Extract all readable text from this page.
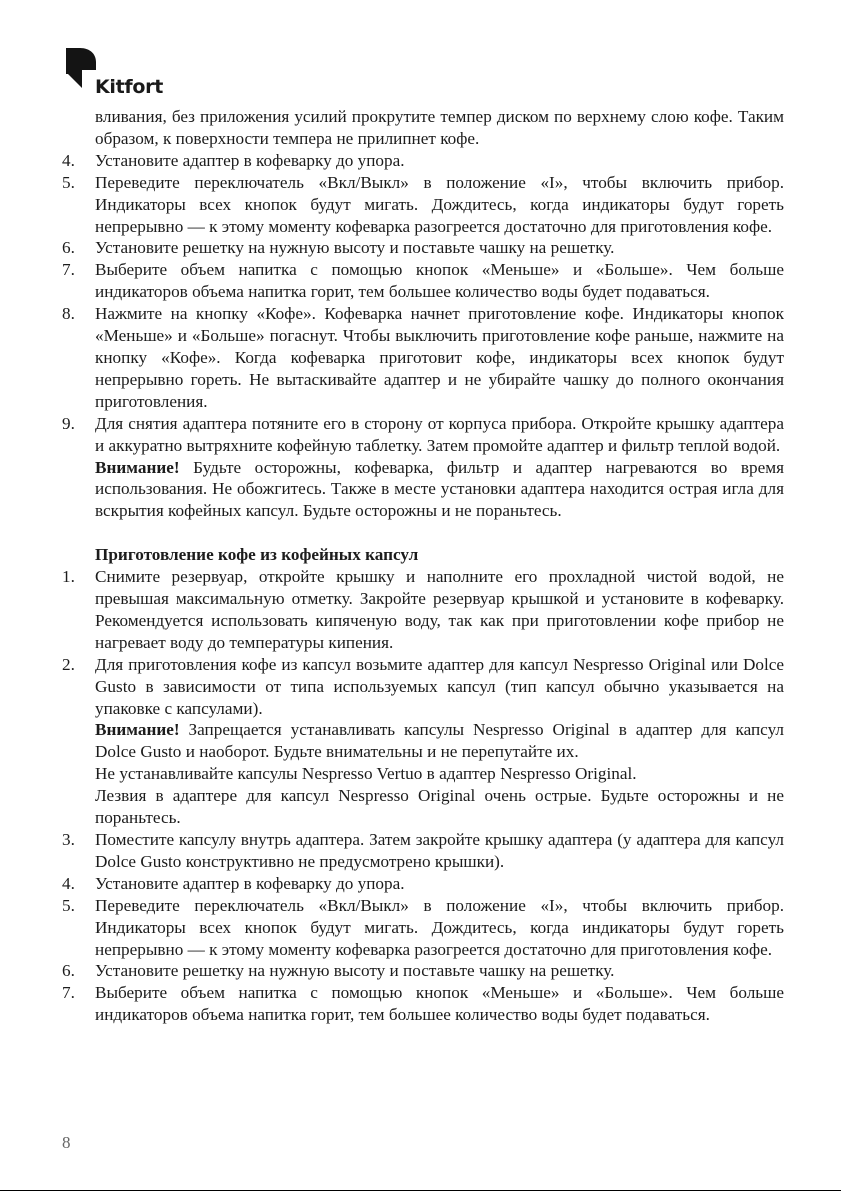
Kitfort
вливания, без приложения усилий прокрутите темпер диском по верхнему слою кофе. Таким образом, к поверхности темпера не прилипнет кофе.
4.	Установите адаптер в кофеварку до упора.
5.	Переведите переключатель «Вкл/Выкл» в положение «I», чтобы включить прибор. Индикаторы всех кнопок будут мигать. Дождитесь, когда индикаторы будут гореть непрерывно — к этому моменту кофеварка разогреется достаточно для приготовления кофе.
6.	Установите решетку на нужную высоту и поставьте чашку на решетку.
7.	Выберите объем напитка с помощью кнопок «Меньше» и «Больше». Чем больше индикаторов объема напитка горит, тем большее количество воды будет подаваться.
8.	Нажмите на кнопку «Кофе». Кофеварка начнет приготовление кофе. Индикаторы кнопок «Меньше» и «Больше» погаснут. Чтобы выключить приготовление кофе раньше, нажмите на кнопку «Кофе». Когда кофеварка приготовит кофе, индикаторы всех кнопок будут непрерывно гореть. Не вытаскивайте адаптер и не убирайте чашку до полного окончания приготовления.
9.	Для снятия адаптера потяните его в сторону от корпуса прибора. Откройте крышку адаптера и аккуратно вытряхните кофейную таблетку. Затем промойте адаптер и фильтр теплой водой.
Внимание! Будьте осторожны, кофеварка, фильтр и адаптер нагреваются во время использования. Не обожгитесь. Также в месте установки адаптера находится острая игла для вскрытия кофейных капсул. Будьте осторожны и не пораньтесь.
Приготовление кофе из кофейных капсул
1.	Снимите резервуар, откройте крышку и наполните его прохладной чистой водой, не превышая максимальную отметку. Закройте резервуар крышкой и установите в кофеварку. Рекомендуется использовать кипяченую воду, так как при приготовлении кофе прибор не нагревает воду до температуры кипения.
2.	Для приготовления кофе из капсул возьмите адаптер для капсул Nespresso Original или Dolce Gusto в зависимости от типа используемых капсул (тип капсул обычно указывается на упаковке с капсулами).
Внимание! Запрещается устанавливать капсулы Nespresso Original в адаптер для капсул Dolce Gusto и наоборот. Будьте внимательны и не перепутайте их.
Не устанавливайте капсулы Nespresso Vertuo в адаптер Nespresso Original.
Лезвия в адаптере для капсул Nespresso Original очень острые. Будьте осторожны и не пораньтесь.
3.	Поместите капсулу внутрь адаптера. Затем закройте крышку адаптера (у адаптера для капсул Dolce Gusto конструктивно не предусмотрено крышки).
4.	Установите адаптер в кофеварку до упора.
5.	Переведите переключатель «Вкл/Выкл» в положение «I», чтобы включить прибор. Индикаторы всех кнопок будут мигать. Дождитесь, когда индикаторы будут гореть непрерывно — к этому моменту кофеварка разогреется достаточно для приготовления кофе.
6.	Установите решетку на нужную высоту и поставьте чашку на решетку.
7.	Выберите объем напитка с помощью кнопок «Меньше» и «Больше». Чем больше индикаторов объема напитка горит, тем большее количество воды будет подаваться.
8
